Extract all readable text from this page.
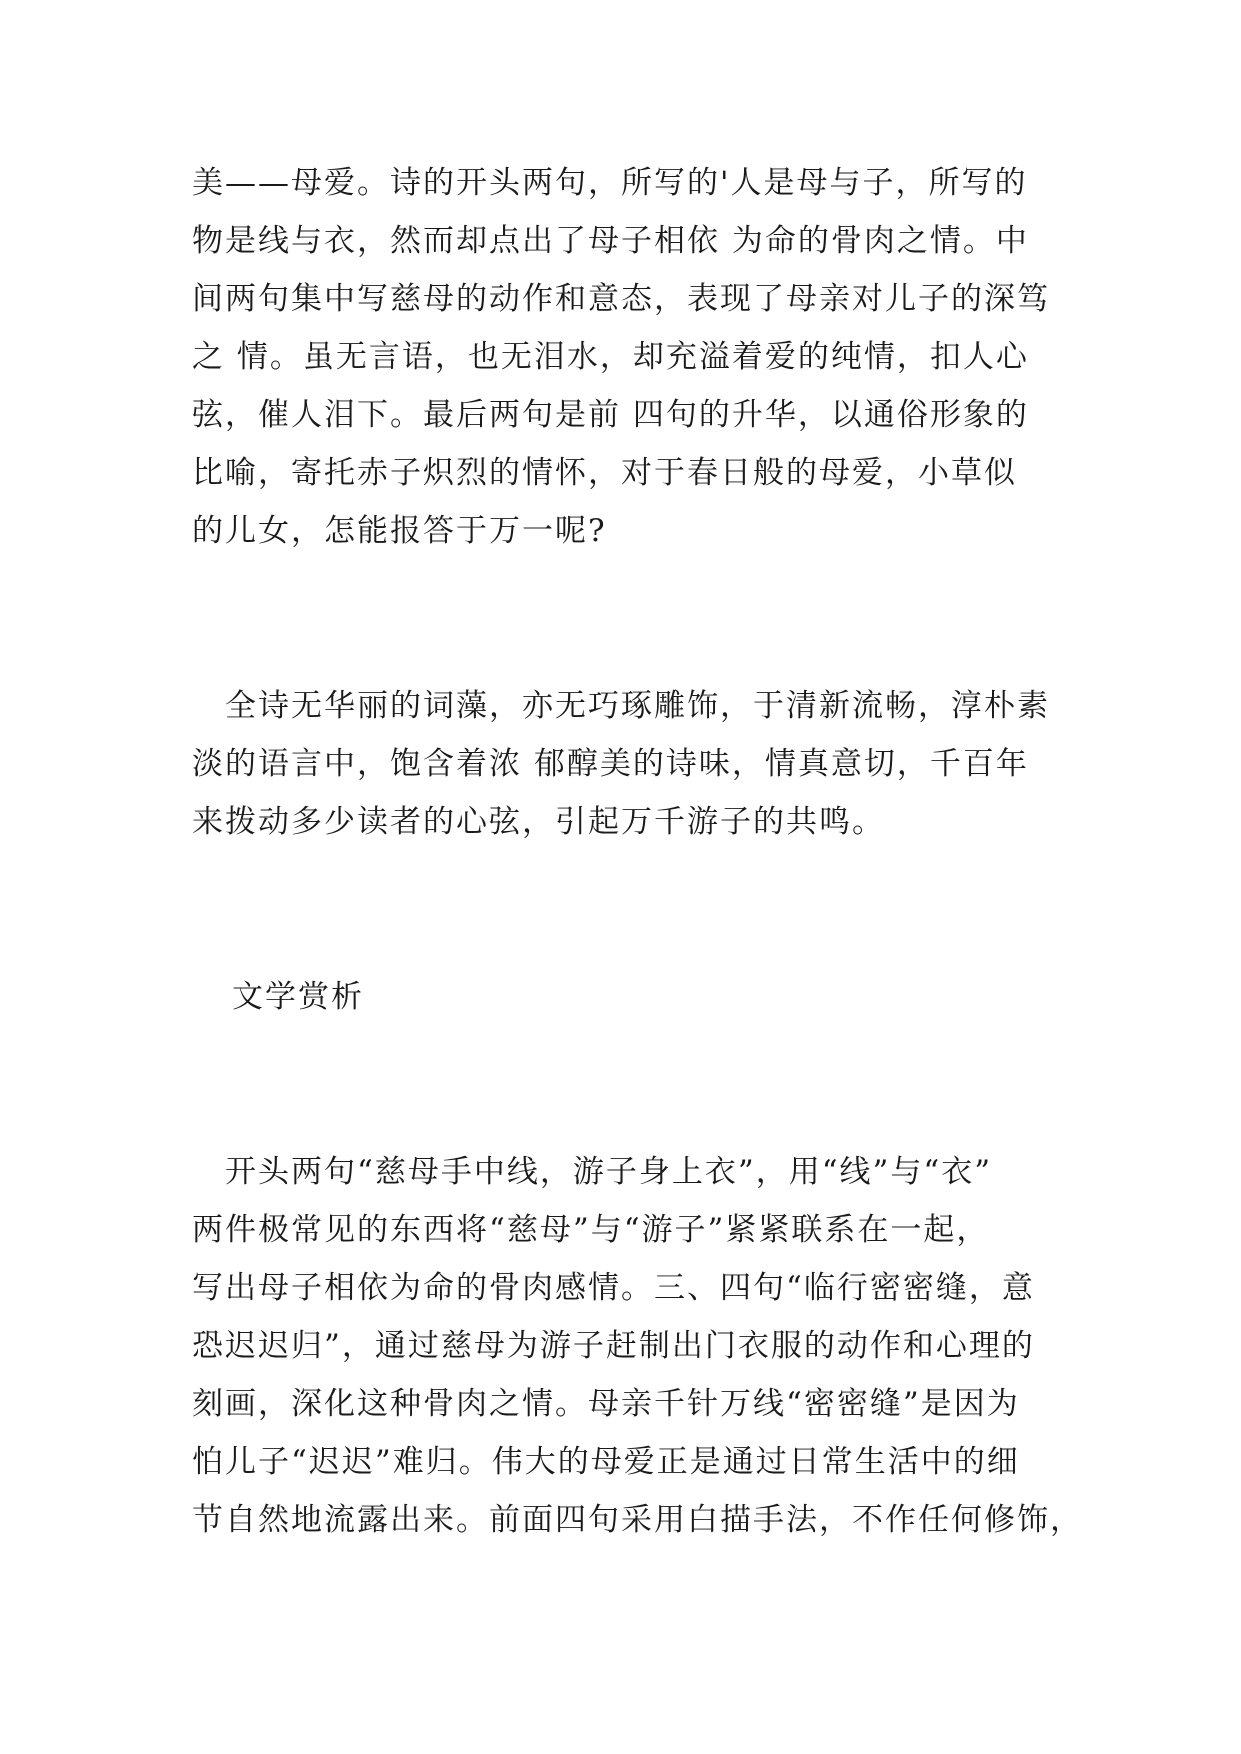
美——母爱。诗的开头两句，所写的'人是母与子，所写的
物是线与衣，然而却点出了母子相依 为命的骨肉之情。中
间两句集中写慈母的动作和意态，表现了母亲对儿子的深笃
之 情。虽无言语，也无泪水，却充溢着爱的纯情，扣人心
弦，催人泪下。最后两句是前 四句的升华，以通俗形象的
比喻，寄托赤子炽烈的情怀，对于春日般的母爱，小草似
的儿女，怎能报答于万一呢?
　全诗无华丽的词藻，亦无巧琢雕饰，于清新流畅，淳朴素
淡的语言中，饱含着浓 郁醇美的诗味，情真意切，千百年
来拨动多少读者的心弦，引起万千游子的共鸣。
文学赏析
　开头两句“慈母手中线，游子身上衣”，用“线”与“衣”
两件极常见的东西将“慈母”与“游子”紧紧联系在一起，
写出母子相依为命的骨肉感情。三、四句“临行密密缝，意
恐迟迟归”，通过慈母为游子赶制出门衣服的动作和心理的
刻画，深化这种骨肉之情。母亲千针万线“密密缝”是因为
怕儿子“迟迟”难归。伟大的母爱正是通过日常生活中的细
节自然地流露出来。前面四句采用白描手法，不作任何修饰，
